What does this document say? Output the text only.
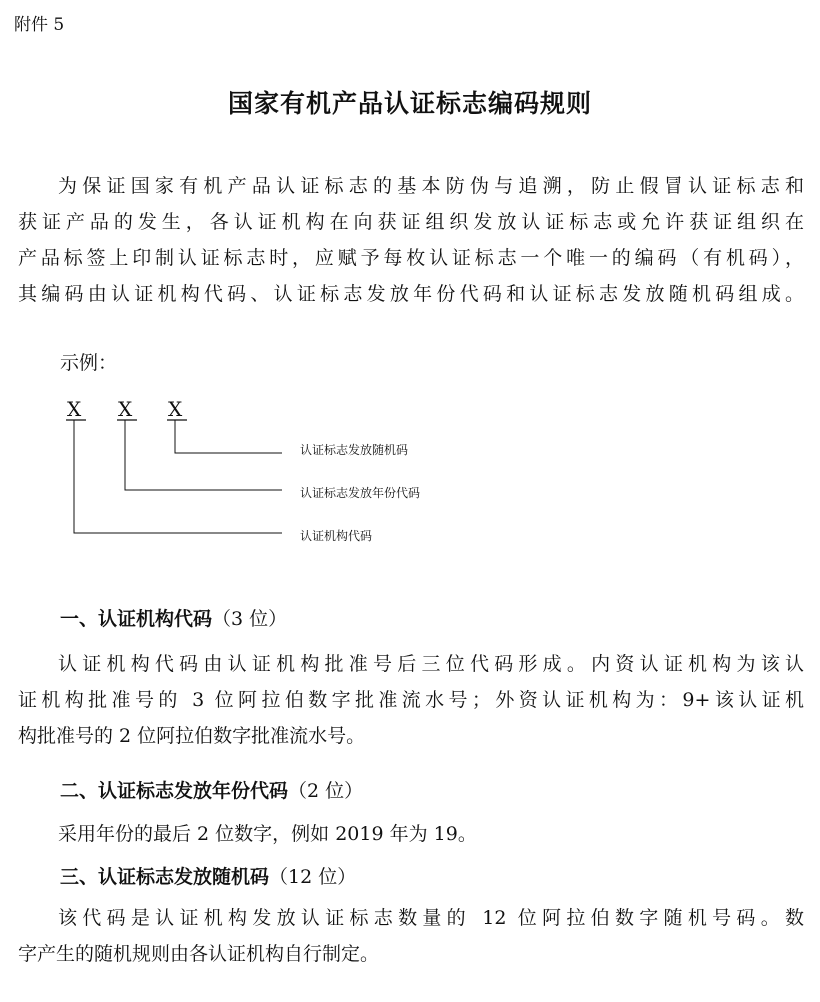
附件 5
国家有机产品认证标志编码规则
为保证国家有机产品认证标志的基本防伪与追溯，防止假冒认证标志和
获证产品的发生，各认证机构在向获证组织发放认证标志或允许获证组织在
产品标签上印制认证标志时，应赋予每枚认证标志一个唯一的编码（有机码），
其编码由认证机构代码、认证标志发放年份代码和认证标志发放随机码组成。
示例：
X X X
认证标志发放随机码
认证标志发放年份代码
认证机构代码
一、认证机构代码（3 位）
认证机构代码由认证机构批准号后三位代码形成。内资认证机构为该认
证机构批准号的 3 位阿拉伯数字批准流水号；外资认证机构为：9+该认证机
构批准号的 2 位阿拉伯数字批准流水号。
二、认证标志发放年份代码（2 位）
采用年份的最后 2 位数字，例如 2019 年为 19。
三、认证标志发放随机码（12 位）
该代码是认证机构发放认证标志数量的 12 位阿拉伯数字随机号码。数
字产生的随机规则由各认证机构自行制定。
